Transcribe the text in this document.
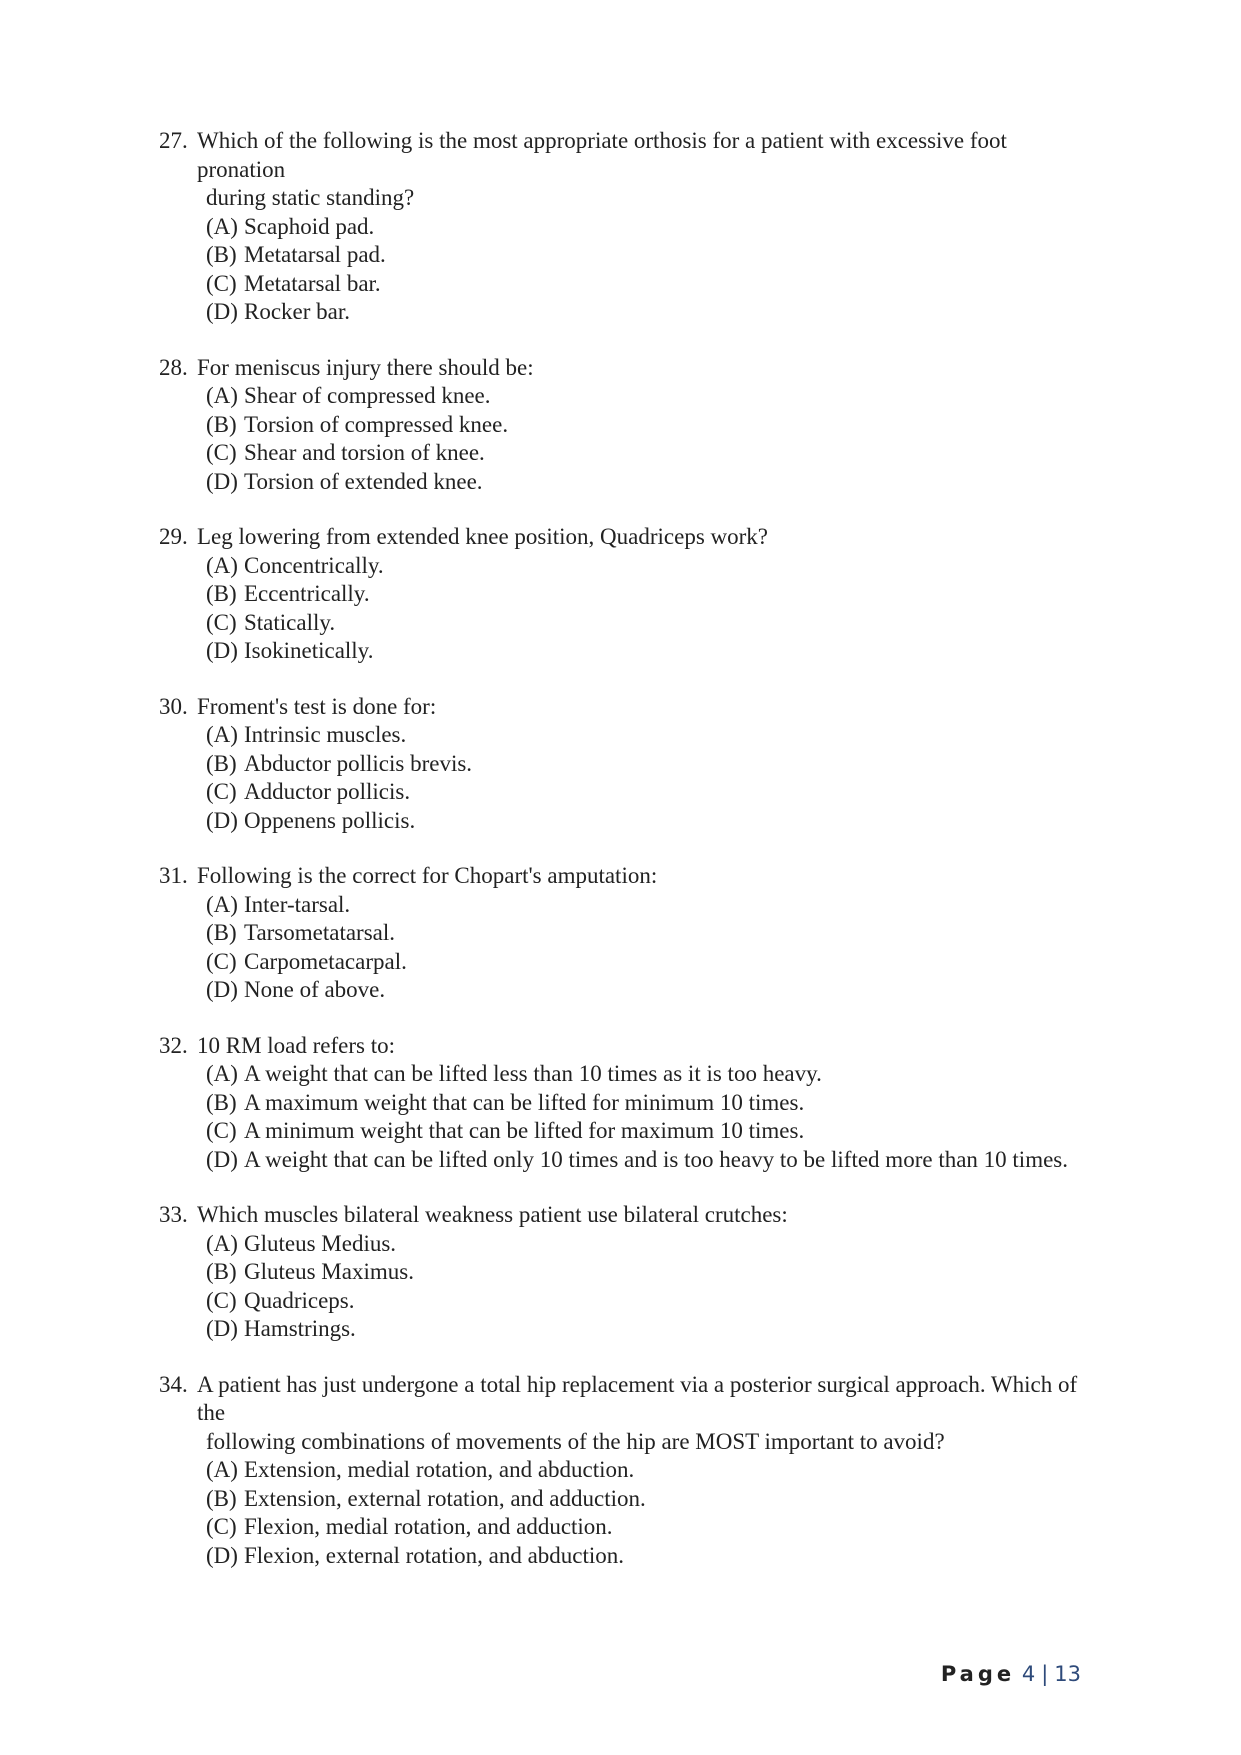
27. Which of the following is the most appropriate orthosis for a patient with excessive foot pronation
during static standing?
(A) Scaphoid pad.
(B) Metatarsal pad.
(C) Metatarsal bar.
(D) Rocker bar.
28. For meniscus injury there should be:
(A) Shear of compressed knee.
(B) Torsion of compressed knee.
(C) Shear and torsion of knee.
(D) Torsion of extended knee.
29. Leg lowering from extended knee position, Quadriceps work?
(A) Concentrically.
(B) Eccentrically.
(C) Statically.
(D) Isokinetically.
30. Froment's test is done for:
(A) Intrinsic muscles.
(B) Abductor pollicis brevis.
(C) Adductor pollicis.
(D) Oppenens pollicis.
31. Following is the correct for Chopart's amputation:
(A) Inter-tarsal.
(B) Tarsometatarsal.
(C) Carpometacarpal.
(D) None of above.
32. 10 RM load refers to:
(A) A weight that can be lifted less than 10 times as it is too heavy.
(B) A maximum weight that can be lifted for minimum 10 times.
(C) A minimum weight that can be lifted for maximum 10 times.
(D) A weight that can be lifted only 10 times and is too heavy to be lifted more than 10 times.
33. Which muscles bilateral weakness patient use bilateral crutches:
(A) Gluteus Medius.
(B) Gluteus Maximus.
(C) Quadriceps.
(D) Hamstrings.
34. A patient has just undergone a total hip replacement via a posterior surgical approach. Which of the
following combinations of movements of the hip are MOST important to avoid?
(A) Extension, medial rotation, and abduction.
(B) Extension, external rotation, and adduction.
(C) Flexion, medial rotation, and adduction.
(D) Flexion, external rotation, and abduction.
Page 4 | 13
